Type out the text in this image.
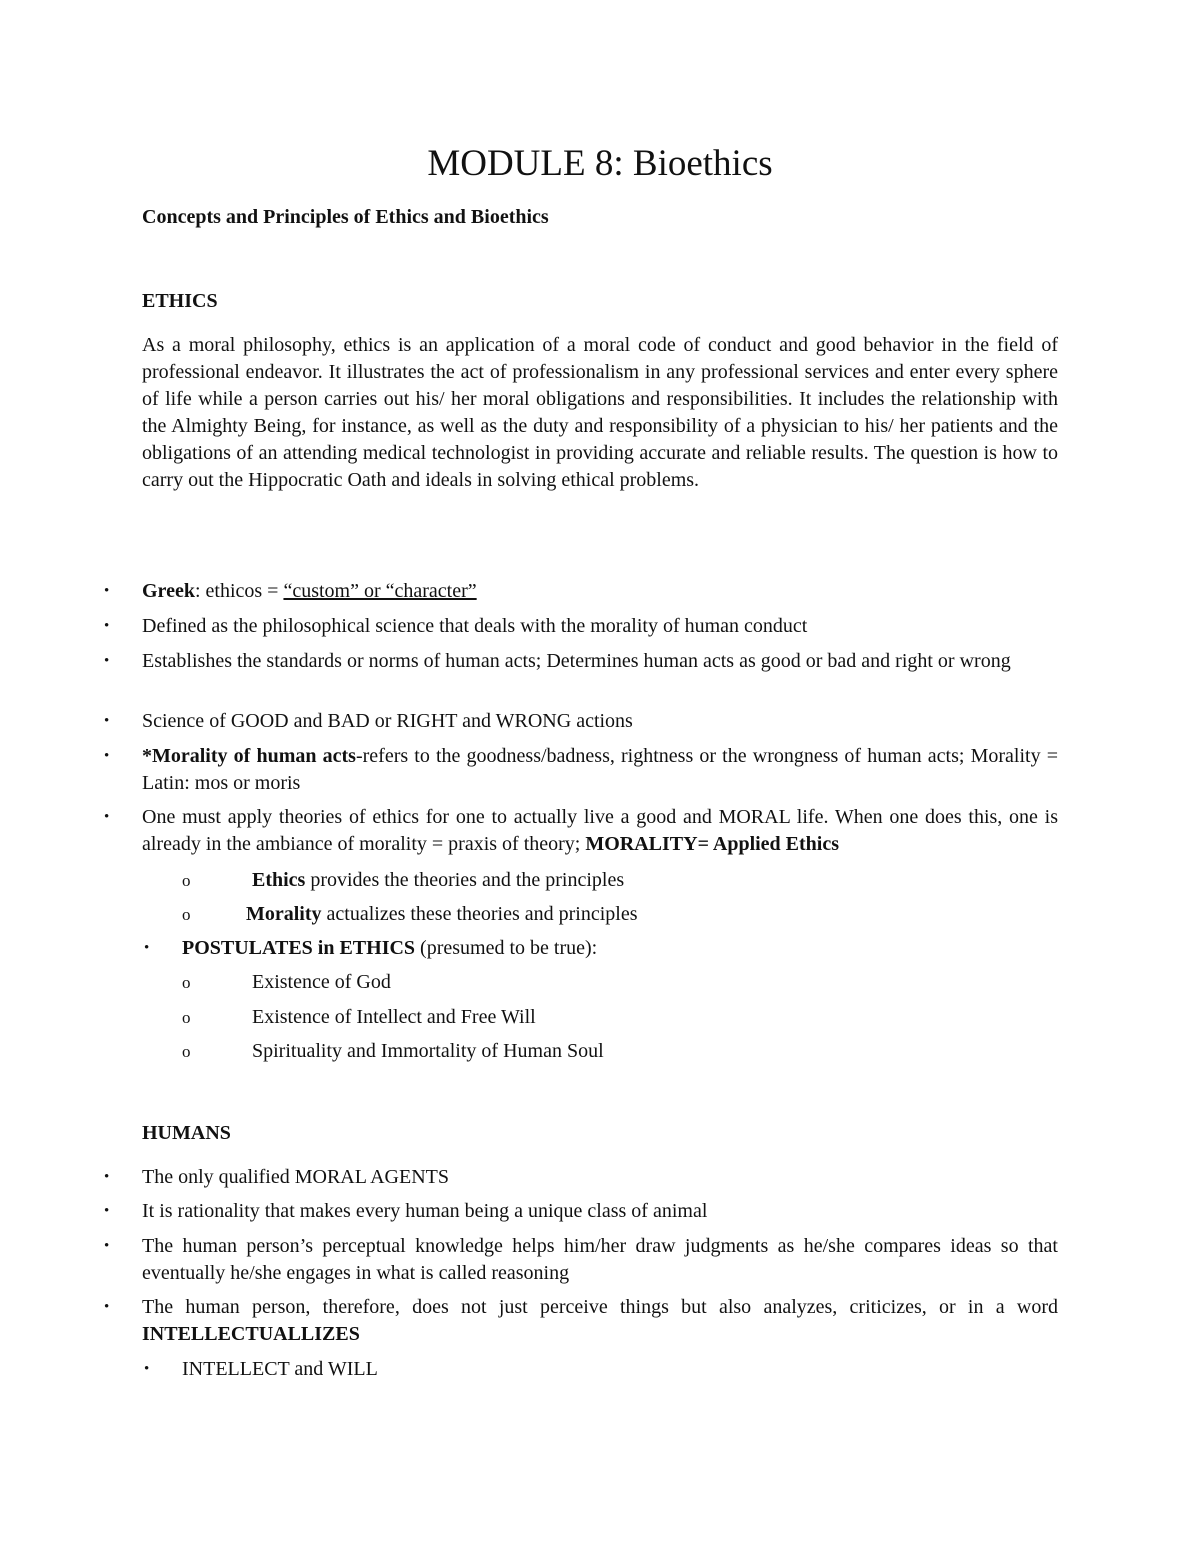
MODULE 8: Bioethics

Concepts and Principles of Ethics and Bioethics

ETHICS

As a moral philosophy, ethics is an application of a moral code of conduct and good behavior in the field of professional endeavor. It illustrates the act of professionalism in any professional services and enter every sphere of life while a person carries out his/ her moral obligations and responsibilities. It includes the relationship with the Almighty Being, for instance, as well as the duty and responsibility of a physician to his/ her patients and the obligations of an attending medical technologist in providing accurate and reliable results. The question is how to carry out the Hippocratic Oath and ideals in solving ethical problems.

• Greek: ethicos = “custom” or “character”

• Defined as the philosophical science that deals with the morality of human conduct

• Establishes the standards or norms of human acts; Determines human acts as good or bad and right or wrong

• Science of GOOD and BAD or RIGHT and WRONG actions

• *Morality of human acts-refers to the goodness/badness, rightness or the wrongness of human acts; Morality = Latin: mos or moris

• One must apply theories of ethics for one to actually live a good and MORAL life. When one does this, one is already in the ambiance of morality = praxis of theory; MORALITY= Applied Ethics

o	Ethics provides the theories and the principles

o	Morality actualizes these theories and principles

• POSTULATES in ETHICS (presumed to be true):

o	Existence of God

o	Existence of Intellect and Free Will

o	Spirituality and Immortality of Human Soul

HUMANS

• The only qualified MORAL AGENTS

• It is rationality that makes every human being a unique class of animal

• The human person’s perceptual knowledge helps him/her draw judgments as he/she compares ideas so that eventually he/she engages in what is called reasoning

• The human person, therefore, does not just perceive things but also analyzes, criticizes, or in a word INTELLECTUALLIZES

• INTELLECT and WILL
